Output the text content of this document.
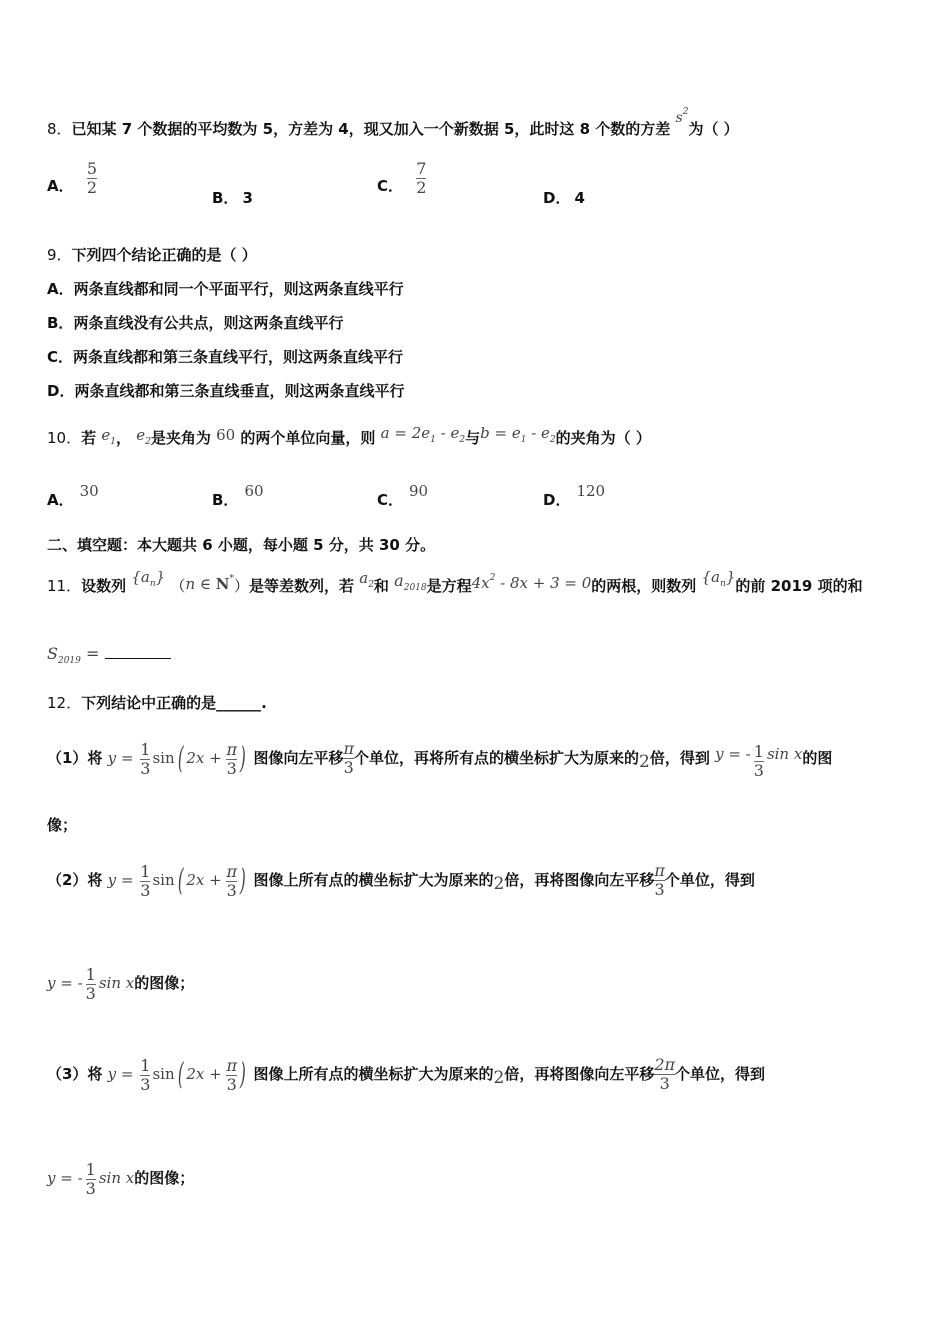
8．已知某 7 个数据的平均数为 5，方差为 4，现又加入一个新数据 5，此时这 8 个数的方差 $s^2$为（ ）
A． $\frac{5}{2}$
B． 3
C． $\frac{7}{2}$
D． 4
9．下列四个结论正确的是（ ）
A．两条直线都和同一个平面平行，则这两条直线平行
B．两条直线没有公共点，则这两条直线平行
C．两条直线都和第三条直线平行，则这两条直线平行
D．两条直线都和第三条直线垂直，则这两条直线平行
10．若 $e_1$， $e_2$是夹角为 60 的两个单位向量，则 $a = 2e_1 - e_2$与$b = e_1 - e_2$的夹角为（ ）
A． 30	B． 60	C． 90	D． 120
二、填空题：本大题共 6 小题，每小题 5 分，共 30 分。
11．设数列 $\{a_n\}$ （n ∈ N*）是等差数列，若 $a_2$和 $a_{2018}$是方程$4x^2 - 8x + 3 = 0$的两根，则数列 $\{a_n\}$的前 2019 项的和
$S_{2019}$ =
12．下列结论中正确的是______.
（1）将 $y = \frac{1}{3} \sin$( $2x + \frac{\pi}{3}$ ) 图像向左平移 $\frac{\pi}{3}$ 个单位，再将所有点的横坐标扩大为原来的2倍，得到 y = - $\frac{1}{3}$ sin x的图
像；
（2）将 $y = \frac{1}{3} \sin$( $2x + \frac{\pi}{3}$ ) 图像上所有点的横坐标扩大为原来的2倍，再将图像向左平移 $\frac{\pi}{3}$ 个单位，得到
y = - $\frac{1}{3}$ sin x的图像；
（3）将 $y = \frac{1}{3} \sin$( $2x + \frac{\pi}{3}$ ) 图像上所有点的横坐标扩大为原来的2倍，再将图像向左平移 $\frac{2\pi}{3}$ 个单位，得到
y = - $\frac{1}{3}$ sin x的图像；
